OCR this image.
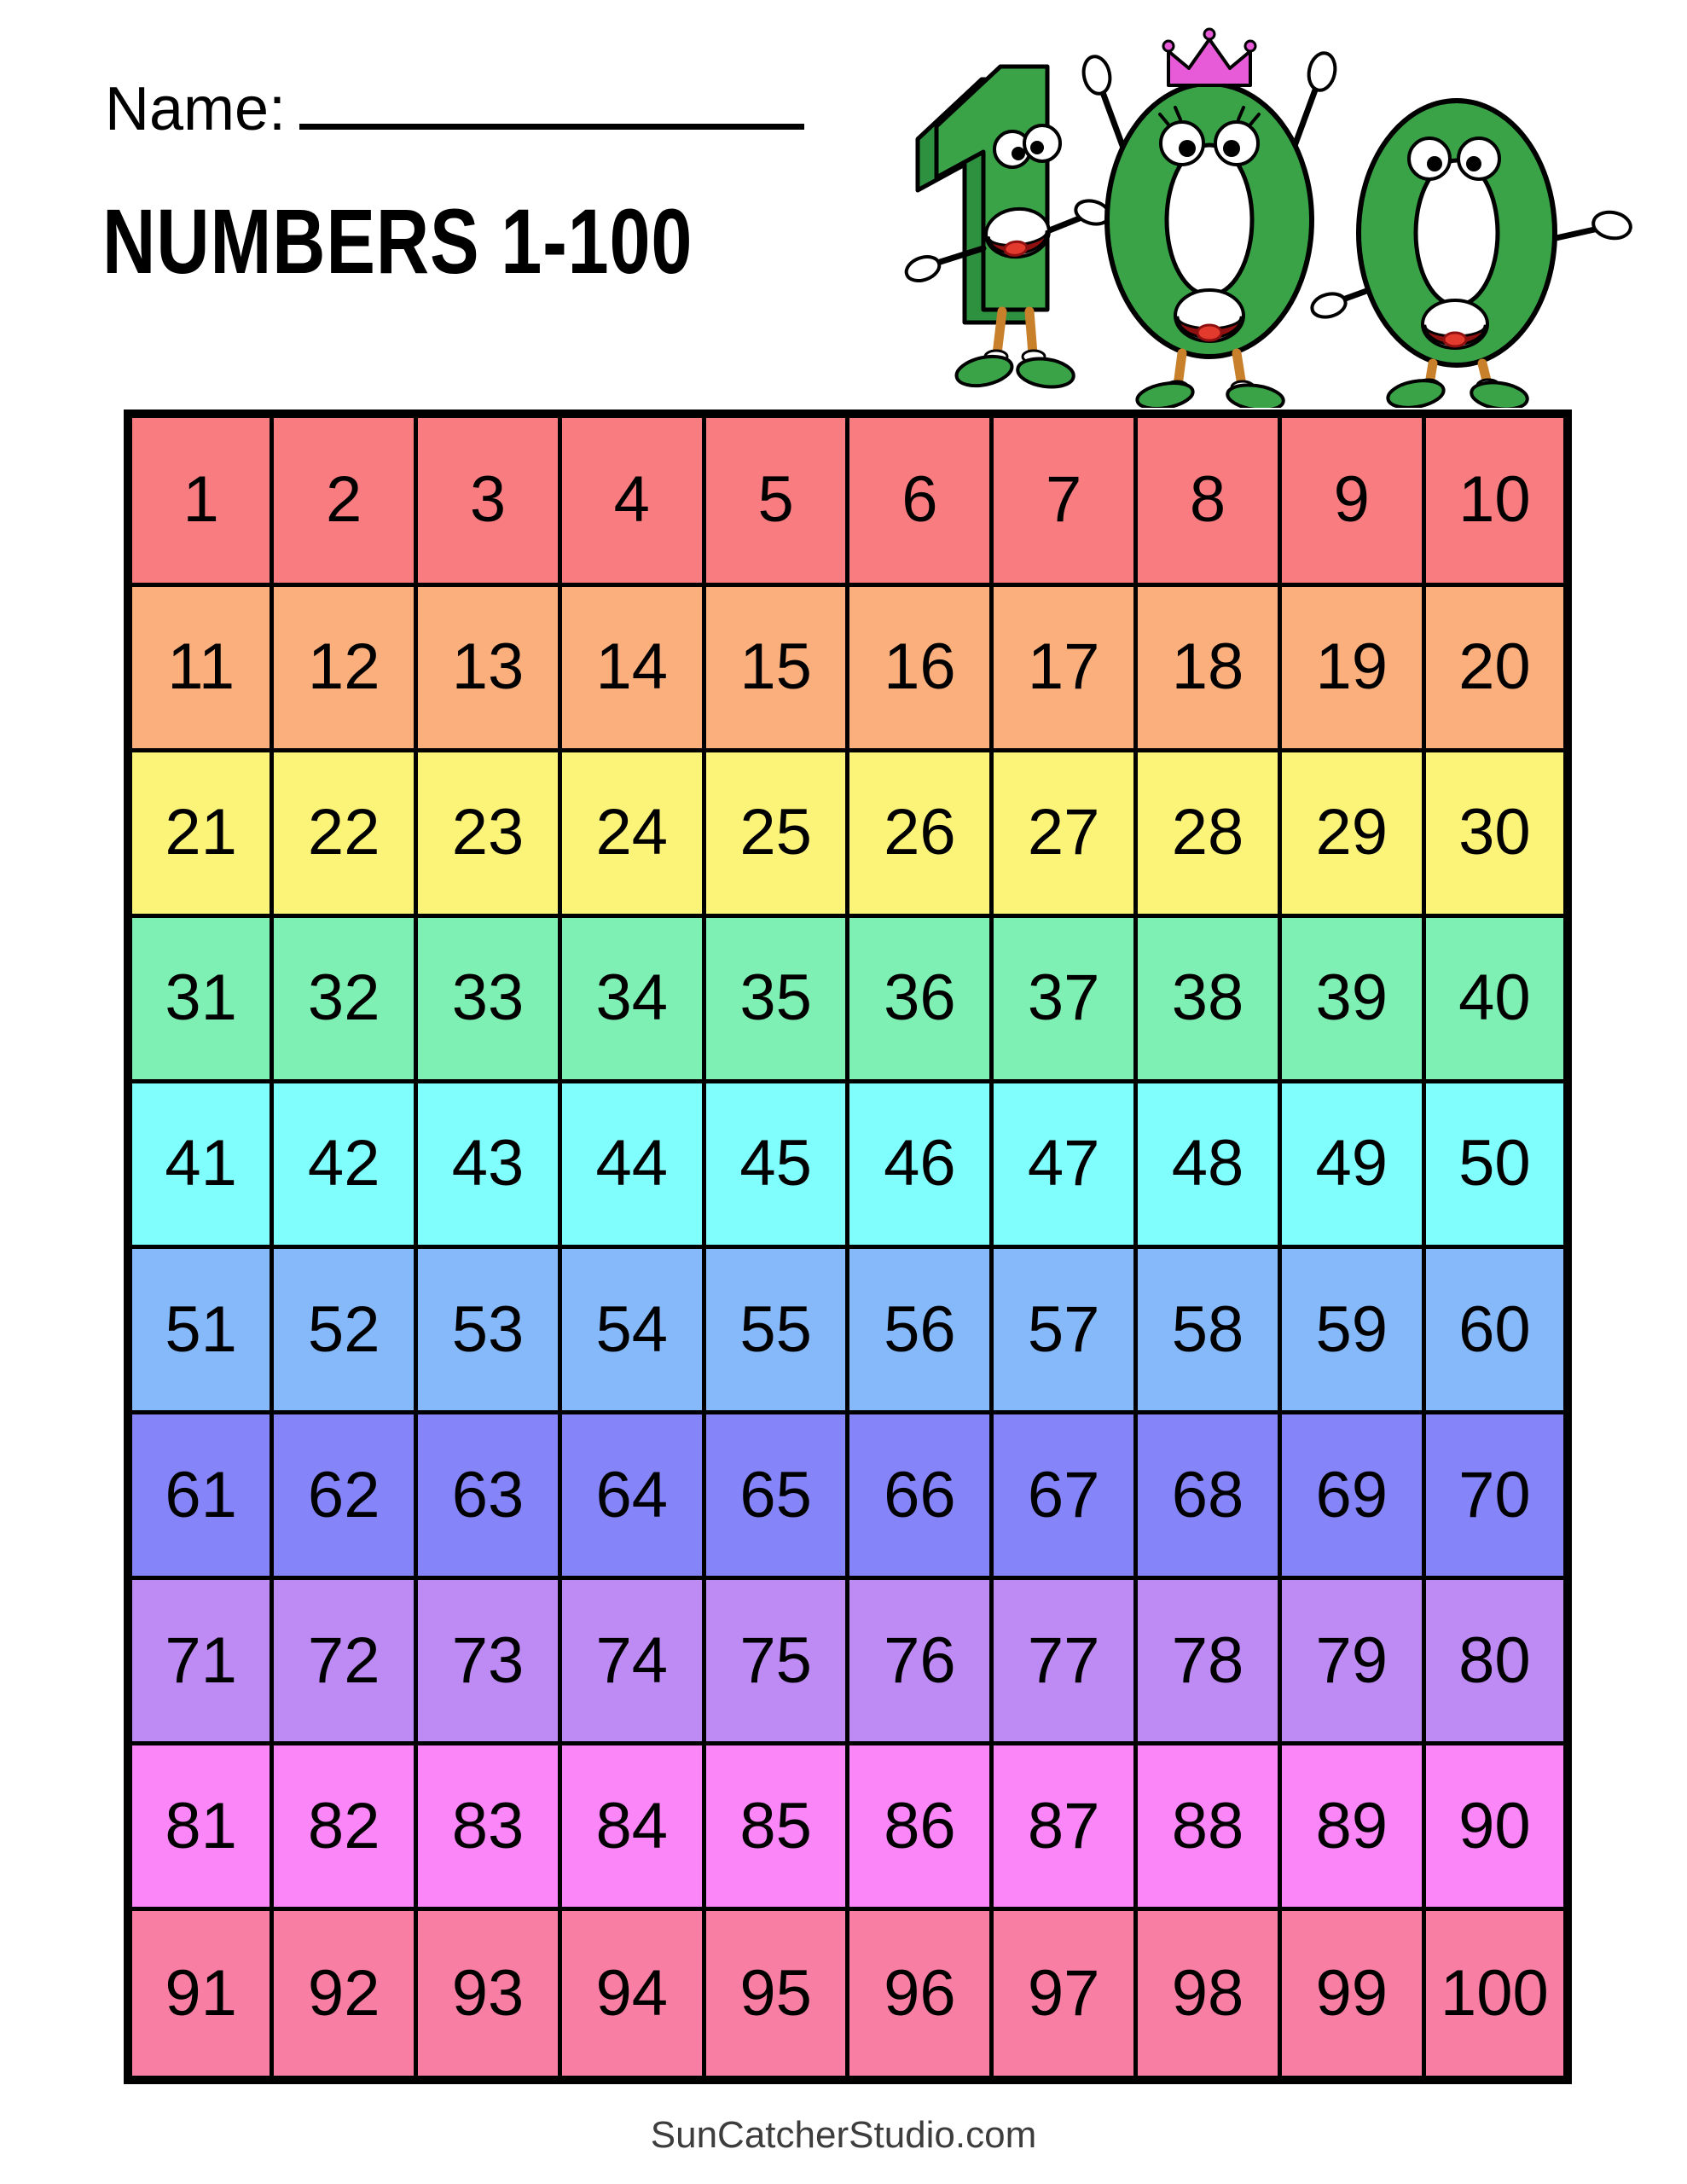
Name:
NUMBERS 1-100
1	2	3	4	5	6	7	8	9	10
11	12	13	14	15	16	17	18	19	20
21	22	23	24	25	26	27	28	29	30
31	32	33	34	35	36	37	38	39	40
41	42	43	44	45	46	47	48	49	50
51	52	53	54	55	56	57	58	59	60
61	62	63	64	65	66	67	68	69	70
71	72	73	74	75	76	77	78	79	80
81	82	83	84	85	86	87	88	89	90
91	92	93	94	95	96	97	98	99	100
SunCatcherStudio.com
